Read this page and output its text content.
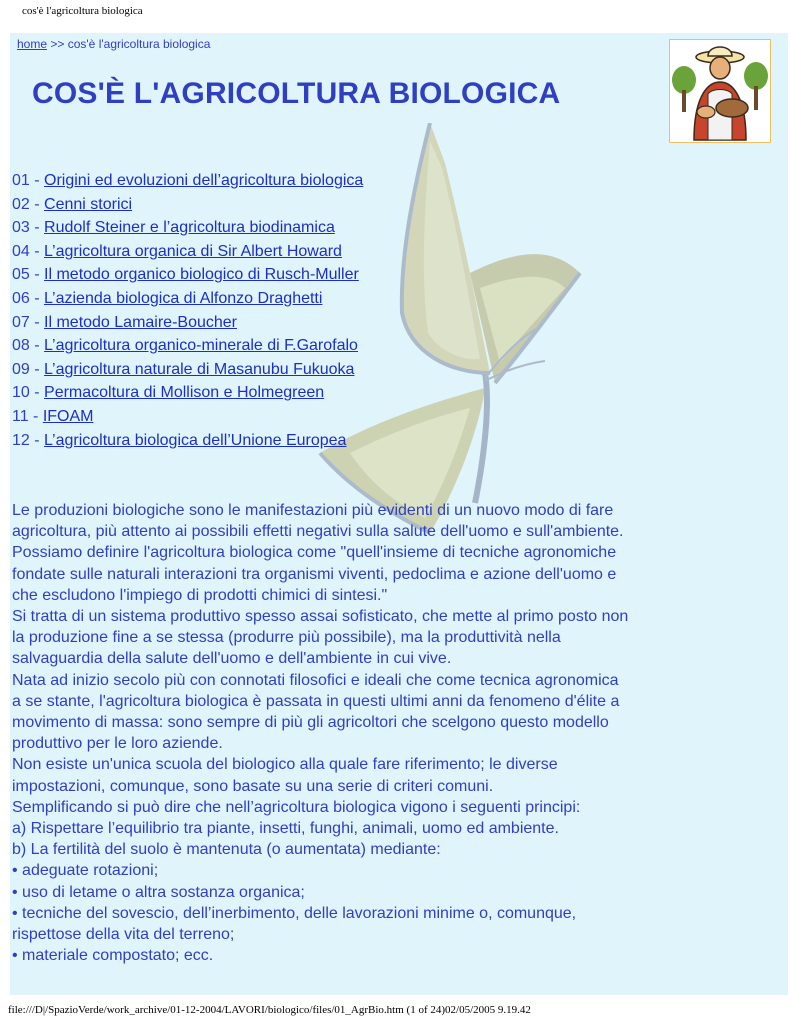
cos'è l'agricoltura biologica
home >> cos'è l'agricoltura biologica
COS'È L'AGRICOLTURA BIOLOGICA
01 - Origini ed evoluzioni dell’agricoltura biologica
02 - Cenni storici
03 - Rudolf Steiner e l’agricoltura biodinamica
04 - L’agricoltura organica di Sir Albert Howard
05 - Il metodo organico biologico di Rusch-Muller
06 - L’azienda biologica di Alfonzo Draghetti
07 - Il metodo Lamaire-Boucher
08 - L’agricoltura organico-minerale di F.Garofalo
09 - L’agricoltura naturale di Masanubu Fukuoka
10 - Permacoltura di Mollison e Holmegreen
11 - IFOAM
12 - L’agricoltura biologica dell’Unione Europea

Le produzioni biologiche sono le manifestazioni più evidenti di un nuovo modo di fare

agricoltura, più attento ai possibili effetti negativi sulla salute dell'uomo e sull'ambiente.

Possiamo definire l'agricoltura biologica come "quell'insieme di tecniche agronomiche

fondate sulle naturali interazioni tra organismi viventi, pedoclima e azione dell'uomo e

che escludono l'impiego di prodotti chimici di sintesi."

Si tratta di un sistema produttivo spesso assai sofisticato, che mette al primo posto non

la produzione fine a se stessa (produrre più possibile), ma la produttività nella

salvaguardia della salute dell'uomo e dell'ambiente in cui vive.

Nata ad inizio secolo più con connotati filosofici e ideali che come tecnica agronomica

a se stante, l'agricoltura biologica è passata in questi ultimi anni da fenomeno d'élite a

movimento di massa: sono sempre di più gli agricoltori che scelgono questo modello

produttivo per le loro aziende.

Non esiste un'unica scuola del biologico alla quale fare riferimento; le diverse

impostazioni, comunque, sono basate su una serie di criteri comuni.

Semplificando si può dire che nell’agricoltura biologica vigono i seguenti principi:

a) Rispettare l’equilibrio tra piante, insetti, funghi, animali, uomo ed ambiente.

b) La fertilità del suolo è mantenuta (o aumentata) mediante:

• adeguate rotazioni;

• uso di letame o altra sostanza organica;

• tecniche del sovescio, dell’inerbimento, delle lavorazioni minime o, comunque,

rispettose della vita del terreno;

• materiale compostato; ecc.

file:///D|/SpazioVerde/work_archive/01-12-2004/LAVORI/biologico/files/01_AgrBio.htm (1 of 24)02/05/2005 9.19.42
